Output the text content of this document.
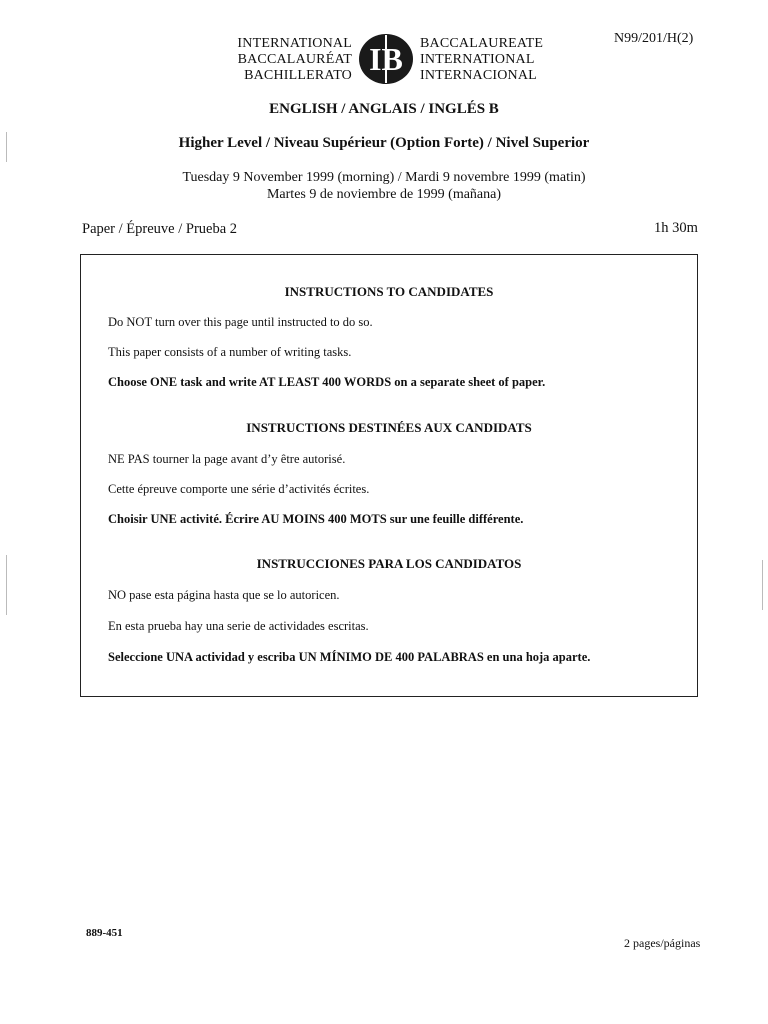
INTERNATIONAL
BACCALAURÉAT
BACHILLERATO IB BACCALAUREATE
INTERNATIONAL
INTERNACIONAL
N99/201/H(2)
ENGLISH / ANGLAIS / INGLÉS B
Higher Level / Niveau Supérieur (Option Forte) / Nivel Superior
Tuesday 9 November 1999 (morning) / Mardi 9 novembre 1999 (matin)
Martes 9 de noviembre de 1999 (mañana)
Paper / Épreuve / Prueba 2	1h 30m
INSTRUCTIONS TO CANDIDATES
Do NOT turn over this page until instructed to do so.
This paper consists of a number of writing tasks.
Choose ONE task and write AT LEAST 400 WORDS on a separate sheet of paper.
INSTRUCTIONS DESTINÉES AUX CANDIDATS
NE PAS tourner la page avant d’y être autorisé.
Cette épreuve comporte une série d’activités écrites.
Choisir UNE activité. Écrire AU MOINS 400 MOTS sur une feuille différente.
INSTRUCCIONES PARA LOS CANDIDATOS
NO pase esta página hasta que se lo autoricen.
En esta prueba hay una serie de actividades escritas.
Seleccione UNA actividad y escriba UN MÍNIMO DE 400 PALABRAS en una hoja aparte.
889-451
2 pages/páginas
